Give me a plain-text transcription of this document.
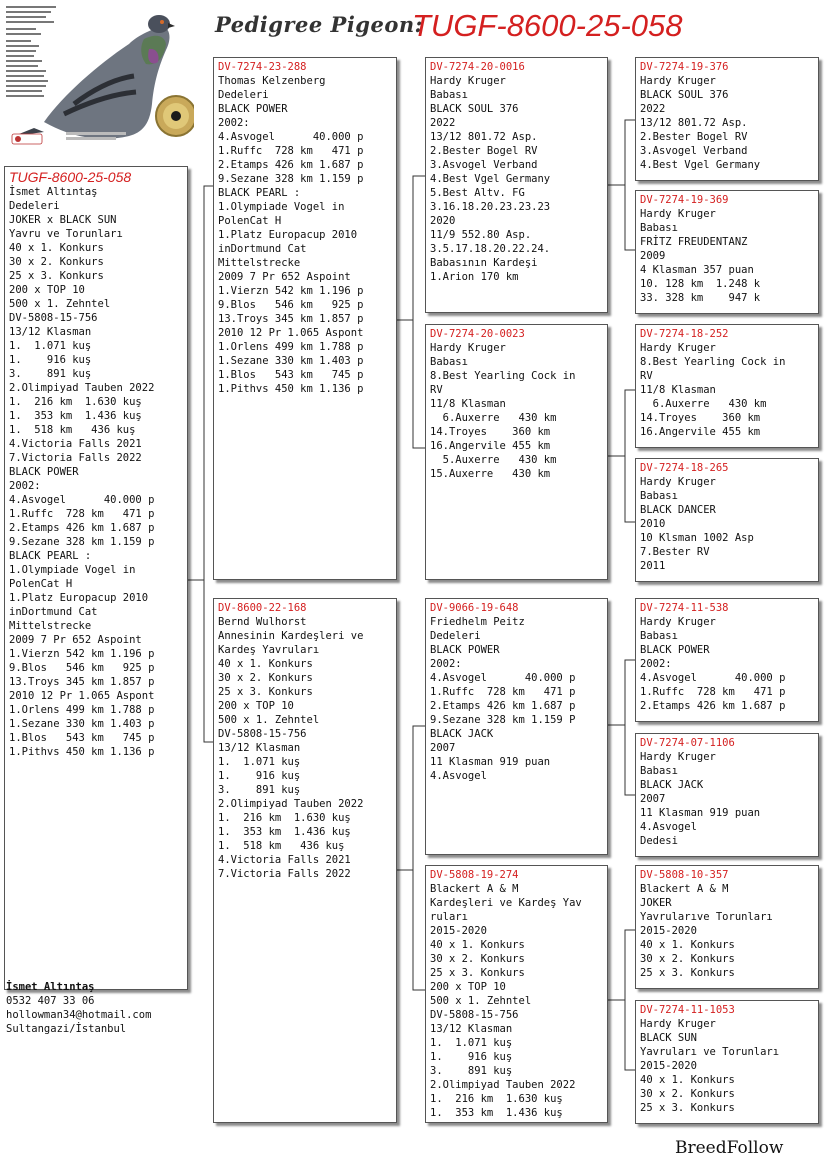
Pedigree Pigeon:
TUGF-8600-25-058
TUGF-8600-25-058
İsmet Altıntaş
Dedeleri
JOKER x BLACK SUN
Yavru ve Torunları
40 x 1. Konkurs
30 x 2. Konkurs
25 x 3. Konkurs
200 x TOP 10
500 x 1. Zehntel
DV-5808-15-756
13/12 Klasman
1.  1.071 kuş
1.    916 kuş
3.    891 kuş
2.Olimpiyad Tauben 2022
1.  216 km  1.630 kuş
1.  353 km  1.436 kuş
1.  518 km   436 kuş
4.Victoria Falls 2021
7.Victoria Falls 2022
BLACK POWER
2002:
4.Asvogel      40.000 p
1.Ruffc  728 km   471 p
2.Etamps 426 km 1.687 p
9.Sezane 328 km 1.159 p
BLACK PEARL :
1.Olympiade Vogel in
PolenCat H
1.Platz Europacup 2010
inDortmund Cat
Mittelstrecke
2009 7 Pr 652 Aspoint
1.Vierzn 542 km 1.196 p
9.Blos   546 km   925 p
13.Troys 345 km 1.857 p
2010 12 Pr 1.065 Aspont
1.Orlens 499 km 1.788 p
1.Sezane 330 km 1.403 p
1.Blos   543 km   745 p
1.Pithvs 450 km 1.136 p
DV-7274-23-288
Thomas Kelzenberg
Dedeleri
BLACK POWER
2002:
4.Asvogel      40.000 p
1.Ruffc  728 km   471 p
2.Etamps 426 km 1.687 p
9.Sezane 328 km 1.159 p
BLACK PEARL :
1.Olympiade Vogel in
PolenCat H
1.Platz Europacup 2010
inDortmund Cat
Mittelstrecke
2009 7 Pr 652 Aspoint
1.Vierzn 542 km 1.196 p
9.Blos   546 km   925 p
13.Troys 345 km 1.857 p
2010 12 Pr 1.065 Aspont
1.Orlens 499 km 1.788 p
1.Sezane 330 km 1.403 p
1.Blos   543 km   745 p
1.Pithvs 450 km 1.136 p
DV-8600-22-168
Bernd Wulhorst
Annesinin Kardeşleri ve
Kardeş Yavruları
40 x 1. Konkurs
30 x 2. Konkurs
25 x 3. Konkurs
200 x TOP 10
500 x 1. Zehntel
DV-5808-15-756
13/12 Klasman
1.  1.071 kuş
1.    916 kuş
3.    891 kuş
2.Olimpiyad Tauben 2022
1.  216 km  1.630 kuş
1.  353 km  1.436 kuş
1.  518 km   436 kuş
4.Victoria Falls 2021
7.Victoria Falls 2022
DV-7274-20-0016
Hardy Kruger
Babası
BLACK SOUL 376
2022
13/12 801.72 Asp.
2.Bester Bogel RV
3.Asvogel Verband
4.Best Vgel Germany
5.Best Altv. FG
3.16.18.20.23.23.23
2020
11/9 552.80 Asp.
3.5.17.18.20.22.24.
Babasının Kardeşi
1.Arion 170 km
DV-7274-20-0023
Hardy Kruger
Babası
8.Best Yearling Cock in
RV
11/8 Klasman
6.Auxerre   430 km
14.Troyes    360 km
16.Angervile 455 km
5.Auxerre   430 km
15.Auxerre   430 km
DV-9066-19-648
Friedhelm Peitz
Dedeleri
BLACK POWER
2002:
4.Asvogel      40.000 p
1.Ruffc  728 km   471 p
2.Etamps 426 km 1.687 p
9.Sezane 328 km 1.159 P
BLACK JACK
2007
11 Klasman 919 puan
4.Asvogel
DV-5808-19-274
Blackert A & M
Kardeşleri ve Kardeş Yav
ruları
2015-2020
40 x 1. Konkurs
30 x 2. Konkurs
25 x 3. Konkurs
200 x TOP 10
500 x 1. Zehntel
DV-5808-15-756
13/12 Klasman
1.  1.071 kuş
1.    916 kuş
3.    891 kuş
2.Olimpiyad Tauben 2022
1.  216 km  1.630 kuş
1.  353 km  1.436 kuş
DV-7274-19-376
Hardy Kruger
BLACK SOUL 376
2022
13/12 801.72 Asp.
2.Bester Bogel RV
3.Asvogel Verband
4.Best Vgel Germany
DV-7274-19-369
Hardy Kruger
Babası
FRİTZ FREUDENTANZ
2009
4 Klasman 357 puan
10. 128 km  1.248 k
33. 328 km    947 k
DV-7274-18-252
Hardy Kruger
8.Best Yearling Cock in
RV
11/8 Klasman
6.Auxerre   430 km
14.Troyes    360 km
16.Angervile 455 km
DV-7274-18-265
Hardy Kruger
Babası
BLACK DANCER
2010
10 Klsman 1002 Asp
7.Bester RV
2011
DV-7274-11-538
Hardy Kruger
Babası
BLACK POWER
2002:
4.Asvogel      40.000 p
1.Ruffc  728 km   471 p
2.Etamps 426 km 1.687 p
DV-7274-07-1106
Hardy Kruger
Babası
BLACK JACK
2007
11 Klasman 919 puan
4.Asvogel
Dedesi
DV-5808-10-357
Blackert A & M
JOKER
Yavrularıve Torunları
2015-2020
40 x 1. Konkurs
30 x 2. Konkurs
25 x 3. Konkurs
DV-7274-11-1053
Hardy Kruger
BLACK SUN
Yavruları ve Torunları
2015-2020
40 x 1. Konkurs
30 x 2. Konkurs
25 x 3. Konkurs
İsmet Altıntaş
0532 407 33 06
hollowman34@hotmail.com
Sultangazi/İstanbul
BreedFollow
